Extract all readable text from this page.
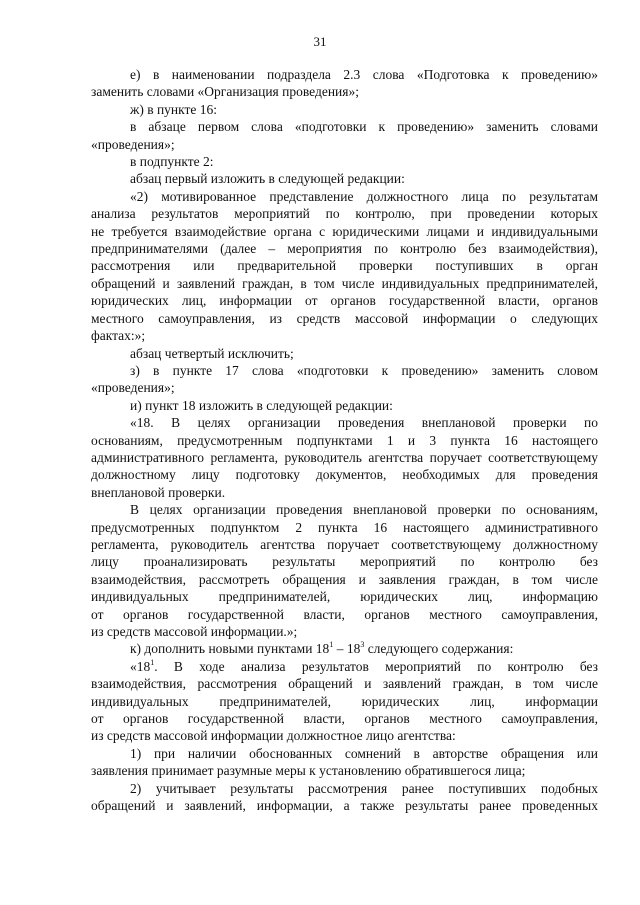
31

е) в наименовании подраздела 2.3 слова «Подготовка к проведению»
заменить словами «Организация проведения»;

ж) в пункте 16:

в абзаце первом слова «подготовки к проведению» заменить словами
«проведения»;

в подпункте 2:

абзац первый изложить в следующей редакции:

«2) мотивированное представление должностного лица по результатам
анализа результатов мероприятий по контролю, при проведении которых
не требуется взаимодействие органа с юридическими лицами и индивидуальными
предпринимателями (далее – мероприятия по контролю без взаимодействия),
рассмотрения или предварительной проверки поступивших в орган
обращений и заявлений граждан, в том числе индивидуальных предпринимателей,
юридических лиц, информации от органов государственной власти, органов
местного самоуправления, из средств массовой информации о следующих
фактах:»;

абзац четвертый исключить;

з) в пункте 17 слова «подготовки к проведению» заменить словом
«проведения»;

и) пункт 18 изложить в следующей редакции:

«18. В целях организации проведения внеплановой проверки по
основаниям, предусмотренным подпунктами 1 и 3 пункта 16 настоящего
административного регламента, руководитель агентства поручает соответствующему
должностному лицу подготовку документов, необходимых для проведения
внеплановой проверки.

В целях организации проведения внеплановой проверки по основаниям,
предусмотренных подпунктом 2 пункта 16 настоящего административного
регламента, руководитель агентства поручает соответствующему должностному
лицу проанализировать результаты мероприятий по контролю без
взаимодействия, рассмотреть обращения и заявления граждан, в том числе
индивидуальных предпринимателей, юридических лиц, информацию
от органов государственной власти, органов местного самоуправления,
из средств массовой информации.»;

к) дополнить новыми пунктами $18^1 - 18^3$ следующего содержания:

«$18^1$. В ходе анализа результатов мероприятий по контролю без
взаимодействия, рассмотрения обращений и заявлений граждан, в том числе
индивидуальных предпринимателей, юридических лиц, информации
от органов государственной власти, органов местного самоуправления,
из средств массовой информации должностное лицо агентства:

1) при наличии обоснованных сомнений в авторстве обращения или
заявления принимает разумные меры к установлению обратившегося лица;

2) учитывает результаты рассмотрения ранее поступивших подобных
обращений и заявлений, информации, а также результаты ранее проведенных
